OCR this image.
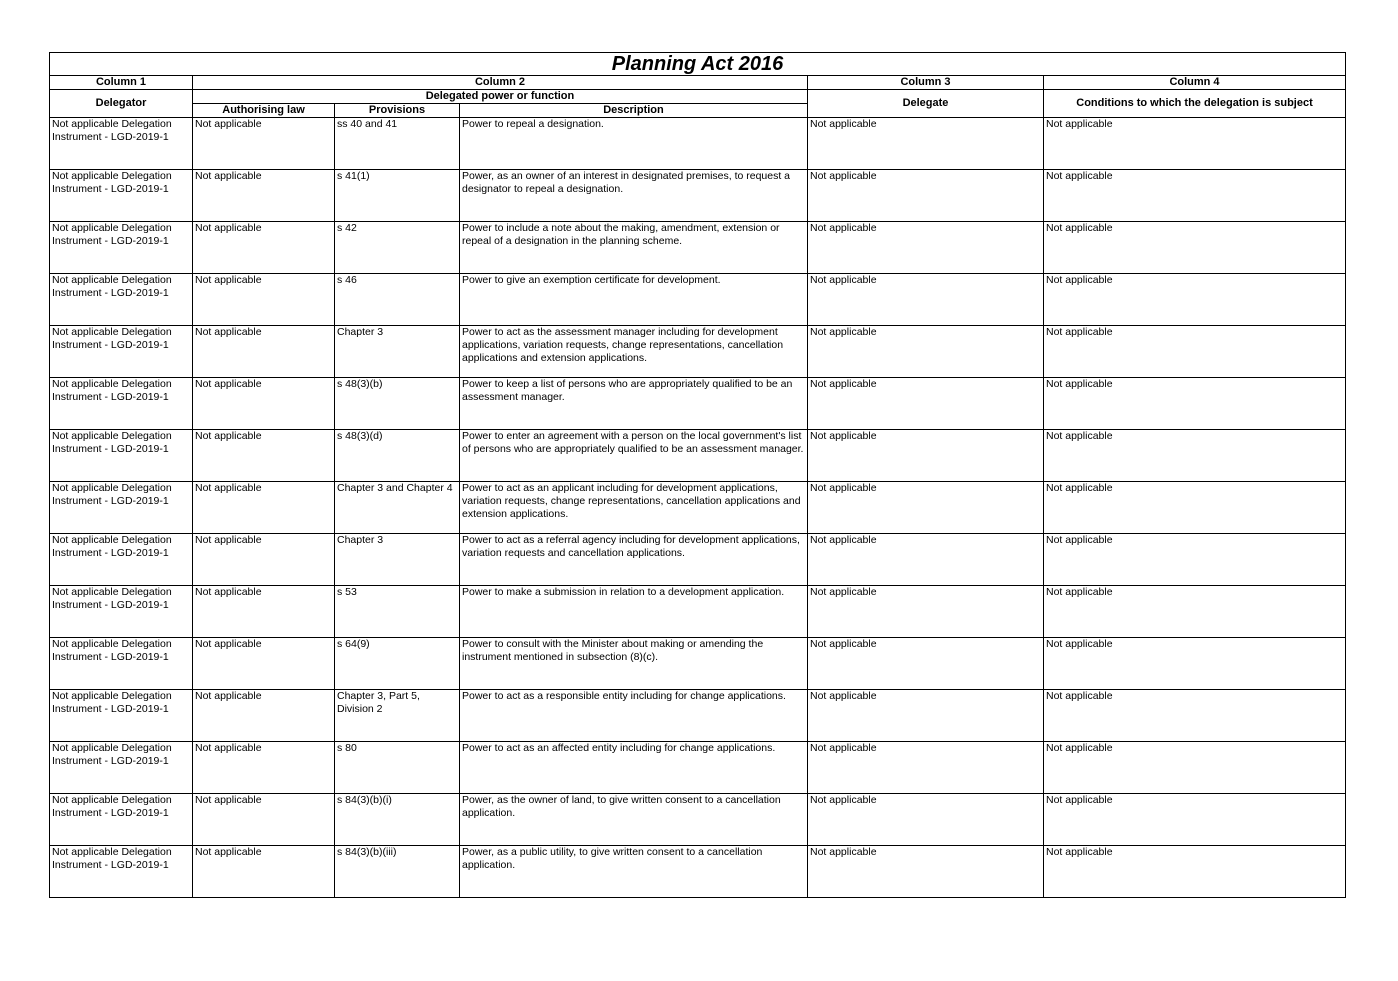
Planning Act 2016					
Column 1	Column 2			Column 3	Column 4
Delegator	Delegated power or function			Delegate	Conditions to which the delegation is subject
	Authorising law	Provisions	Description		
Not applicable Delegation Instrument - LGD-2019-1	Not applicable	ss 40 and 41	Power to repeal a designation.	Not applicable	Not applicable
Not applicable Delegation Instrument - LGD-2019-1	Not applicable	s 41(1)	Power, as an owner of an interest in designated premises, to request a designator to repeal a designation.	Not applicable	Not applicable
Not applicable Delegation Instrument - LGD-2019-1	Not applicable	s 42	Power to include a note about the making, amendment, extension or repeal of a designation in the planning scheme.	Not applicable	Not applicable
Not applicable Delegation Instrument - LGD-2019-1	Not applicable	s 46	Power to give an exemption certificate for development.	Not applicable	Not applicable
Not applicable Delegation Instrument - LGD-2019-1	Not applicable	Chapter 3	Power to act as the assessment manager including for development applications, variation requests, change representations, cancellation applications and extension applications.	Not applicable	Not applicable
Not applicable Delegation Instrument - LGD-2019-1	Not applicable	s 48(3)(b)	Power to keep a list of persons who are appropriately qualified to be an assessment manager.	Not applicable	Not applicable
Not applicable Delegation Instrument - LGD-2019-1	Not applicable	s 48(3)(d)	Power to enter an agreement with a person on the local government's list of persons who are appropriately qualified to be an assessment manager.	Not applicable	Not applicable
Not applicable Delegation Instrument - LGD-2019-1	Not applicable	Chapter 3 and Chapter 4	Power to act as an applicant including for development applications, variation requests, change representations, cancellation applications and extension applications.	Not applicable	Not applicable
Not applicable Delegation Instrument - LGD-2019-1	Not applicable	Chapter 3	Power to act as a referral agency including for development applications, variation requests and cancellation applications.	Not applicable	Not applicable
Not applicable Delegation Instrument - LGD-2019-1	Not applicable	s 53	Power to make a submission in relation to a development application.	Not applicable	Not applicable
Not applicable Delegation Instrument - LGD-2019-1	Not applicable	s 64(9)	Power to consult with the Minister about making or amending the instrument mentioned in subsection (8)(c).	Not applicable	Not applicable
Not applicable Delegation Instrument - LGD-2019-1	Not applicable	Chapter 3, Part 5, Division 2	Power to act as a responsible entity including for change applications.	Not applicable	Not applicable
Not applicable Delegation Instrument - LGD-2019-1	Not applicable	s 80	Power to act as an affected entity including for change applications.	Not applicable	Not applicable
Not applicable Delegation Instrument - LGD-2019-1	Not applicable	s 84(3)(b)(i)	Power, as the owner of land, to give written consent to a cancellation application.	Not applicable	Not applicable
Not applicable Delegation Instrument - LGD-2019-1	Not applicable	s 84(3)(b)(iii)	Power, as a public utility, to give written consent to a cancellation application.	Not applicable	Not applicable
